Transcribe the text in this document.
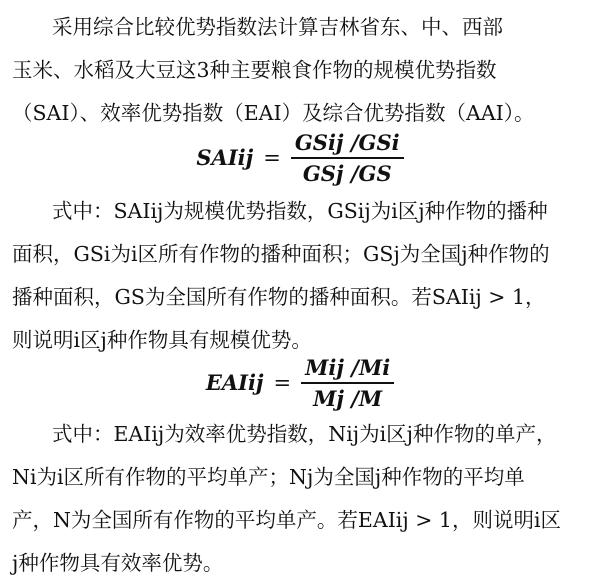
采用综合比较优势指数法计算吉林省东、中、西部
玉米、水稻及大豆这3种主要粮食作物的规模优势指数
（SAI）、效率优势指数（EAI）及综合优势指数（AAI）。

SAIij = $\frac{\text{GSij /GSi}}{\text{GSj /GS}}$

式中：SAIij为规模优势指数，GSij为i区j种作物的播种
面积，GSi为i区所有作物的播种面积；GSj为全国j种作物的
播种面积，GS为全国所有作物的播种面积。若SAIij > 1，
则说明i区j种作物具有规模优势。

EAIij = $\frac{\text{Mij /Mi}}{Mj /M}$

式中：EAIij为效率优势指数，Nij为i区j种作物的单产，
Ni为i区所有作物的平均单产；Nj为全国j种作物的平均单
产，N为全国所有作物的平均单产。若EAIij > 1，则说明i区
j种作物具有效率优势。
